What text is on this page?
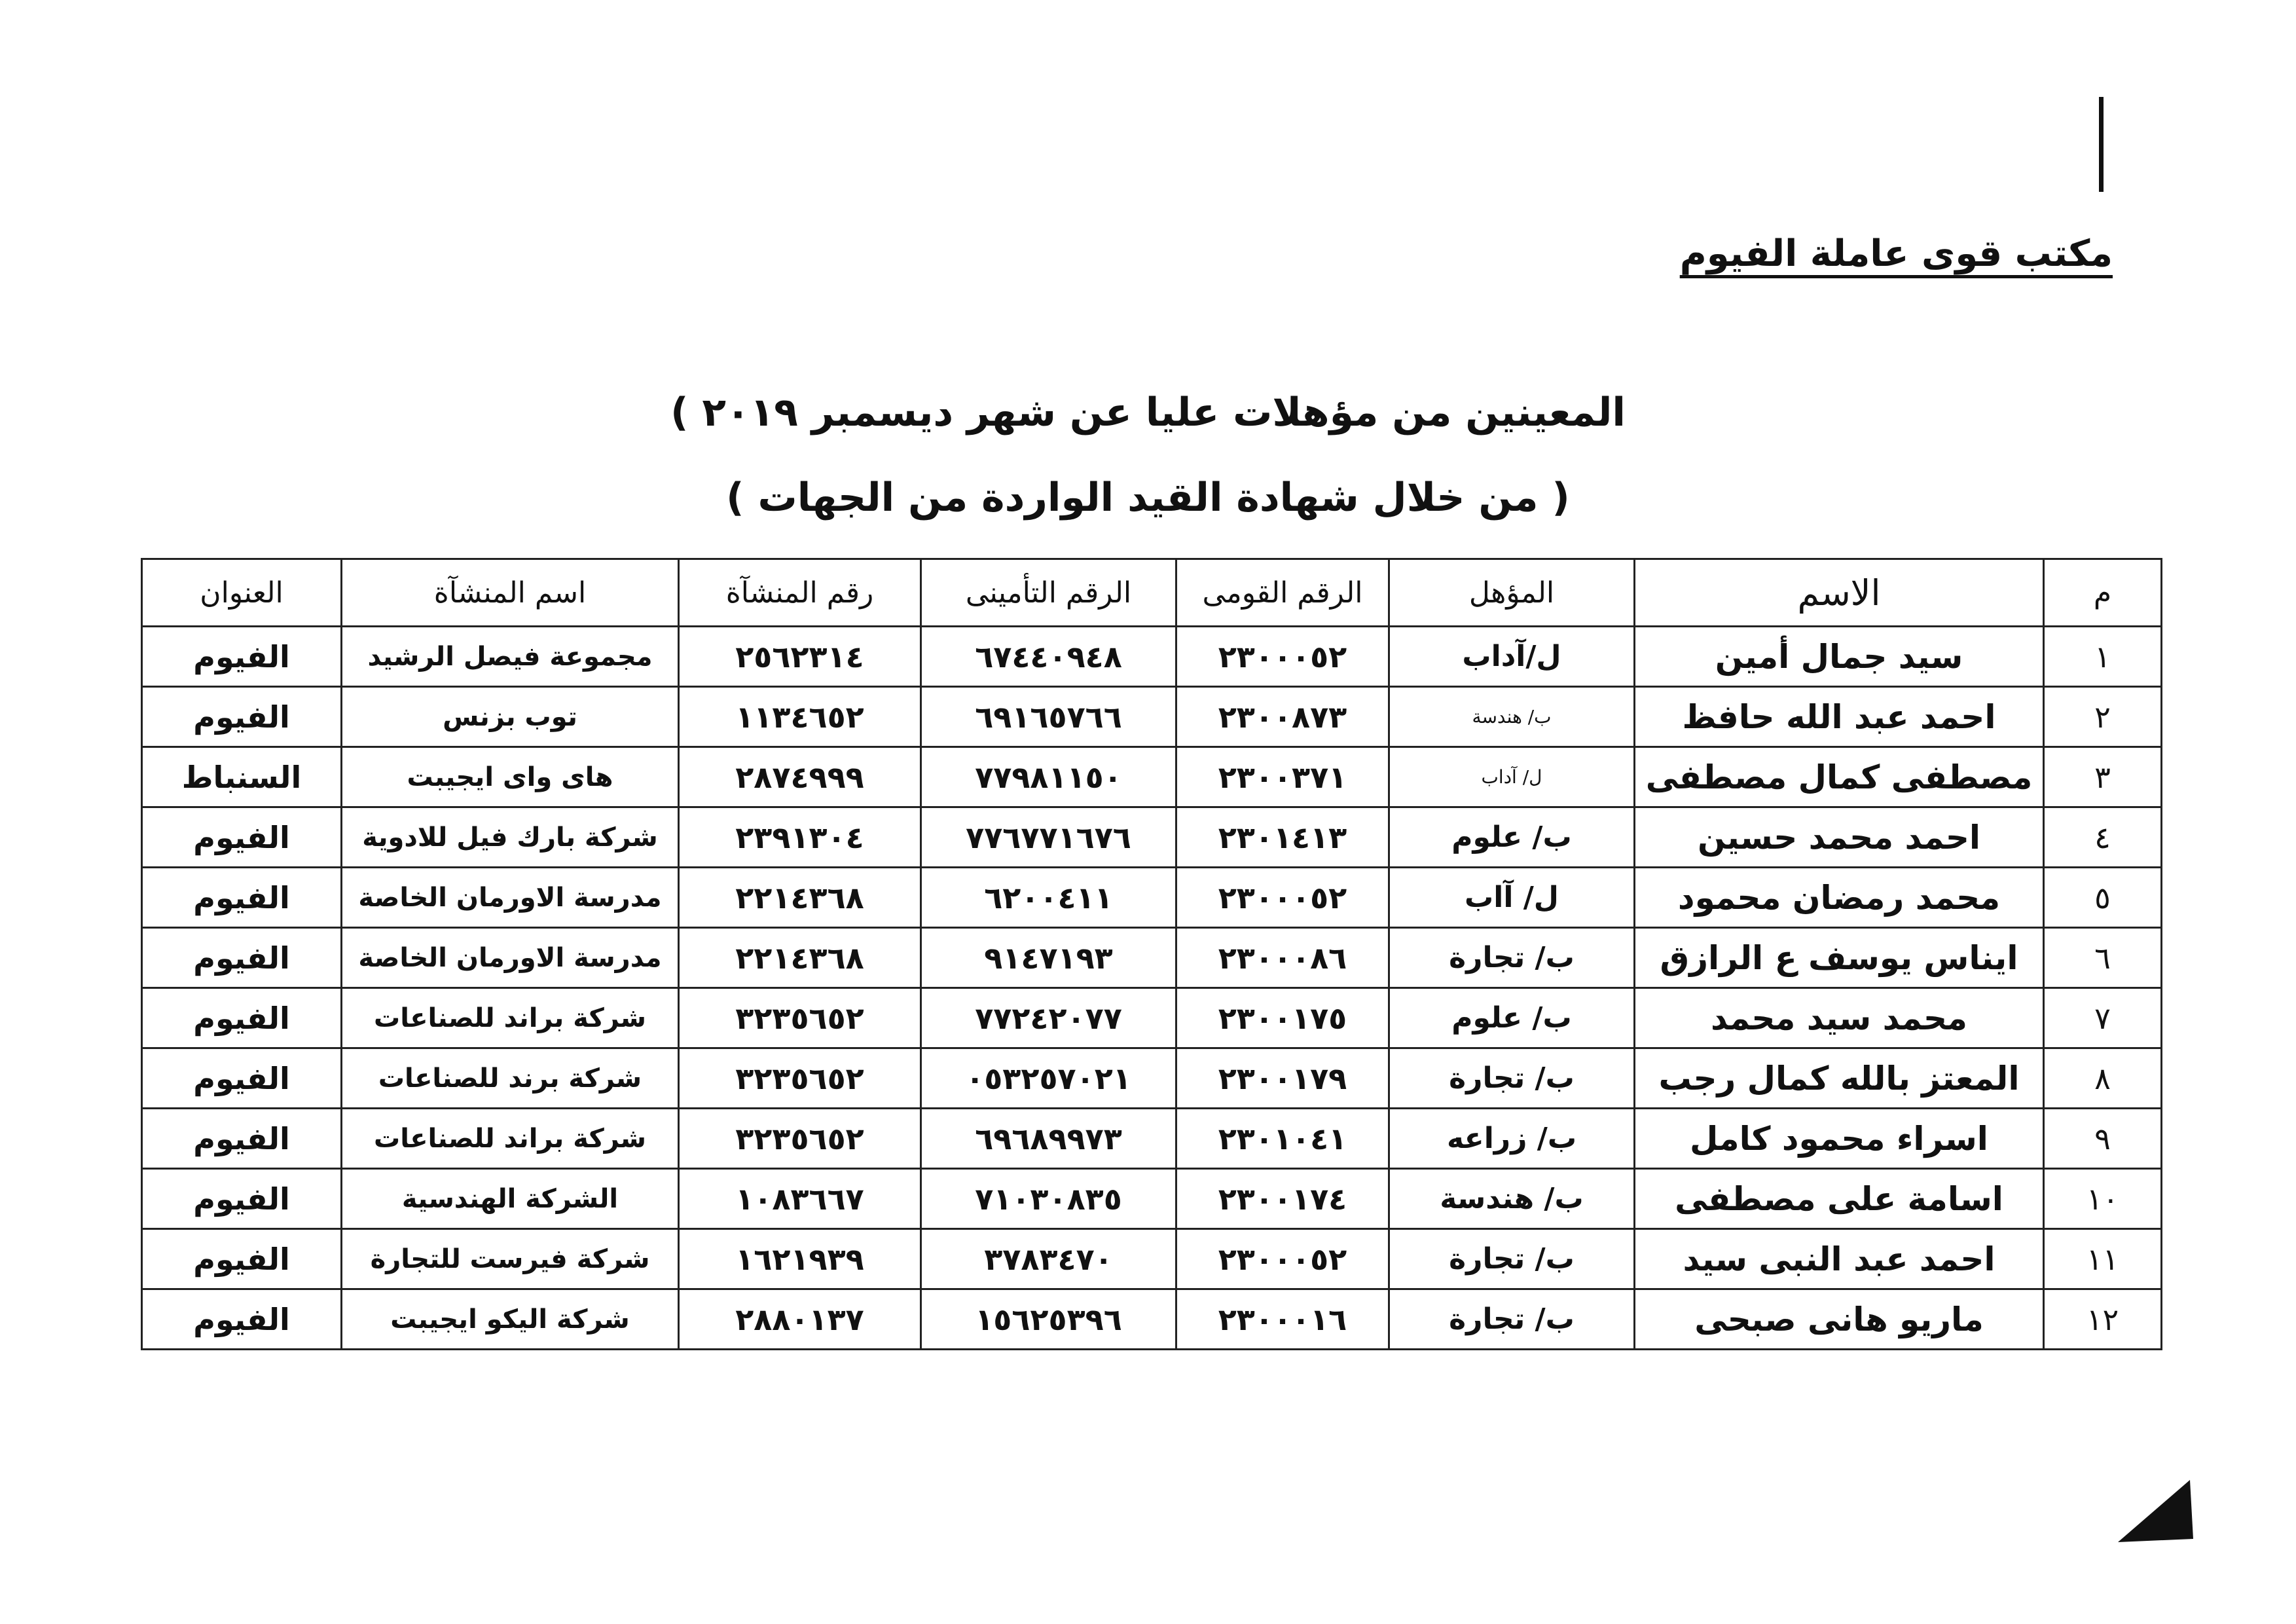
مكتب قوى عاملة الفيوم
المعينين من مؤهلات عليا عن شهر ديسمبر ٢٠١٩ )
( من خلال شهادة القيد الواردة من الجهات )
م	الاسم	المؤهل	الرقم القومى	الرقم التأمينى	رقم المنشآة	اسم المنشآة	العنوان
١	سيد جمال أمين	ل/آداب	٢٣٠٠٠٥٢	٦٧٤٤٠٩٤٨	٢٥٦٢٣١٤	مجموعة فيصل الرشيد	الفيوم
٢	احمد عبد الله حافظ	ب/ هندسة	٢٣٠٠٨٧٣	٦٩١٦٥٧٦٦	١١٣٤٦٥٢	توب بزنس	الفيوم
٣	مصطفى كمال مصطفى	ل/ آداب	٢٣٠٠٣٧١	٧٧٩٨١١٥٠	٢٨٧٤٩٩٩	هاى واى ايجيبت	السنباط
٤	احمد محمد حسين	ب/ علوم	٢٣٠١٤١٣	٧٧٦٧٧١٦٧٦	٢٣٩١٣٠٤	شركة بارك فيل للادوية	الفيوم
٥	محمد رمضان محمود	ل/ آاب	٢٣٠٠٠٥٢	٦٢٠٠٤١١	٢٢١٤٣٦٨	مدرسة الاورمان الخاصة	الفيوم
٦	ايناس يوسف ع الرازق	ب/ تجارة	٢٣٠٠٠٨٦	٩١٤٧١٩٣	٢٢١٤٣٦٨	مدرسة الاورمان الخاصة	الفيوم
٧	محمد سيد محمد	ب/ علوم	٢٣٠٠١٧٥	٧٧٢٤٢٠٧٧	٣٢٣٥٦٥٢	شركة براند للصناعات	الفيوم
٨	المعتز بالله كمال رجب	ب/ تجارة	٢٣٠٠١٧٩	٠٥٣٢٥٧٠٢١	٣٢٣٥٦٥٢	شركة برند للصناعات	الفيوم
٩	اسراء محمود كامل	ب/ زراعه	٢٣٠١٠٤١	٦٩٦٨٩٩٧٣	٣٢٣٥٦٥٢	شركة براند للصناعات	الفيوم
١٠	اسامة على مصطفى	ب/ هندسة	٢٣٠٠١٧٤	٧١٠٣٠٨٣٥	١٠٨٣٦٦٧	الشركة الهندسية	الفيوم
١١	احمد عبد النبى سيد	ب/ تجارة	٢٣٠٠٠٥٢	٣٧٨٣٤٧٠	١٦٢١٩٣٩	شركة فيرست للتجارة	الفيوم
١٢	ماريو هانى صبحى	ب/ تجارة	٢٣٠٠٠١٦	١٥٦٢٥٣٩٦	٢٨٨٠١٣٧	شركة اليكو ايجيبت	الفيوم
